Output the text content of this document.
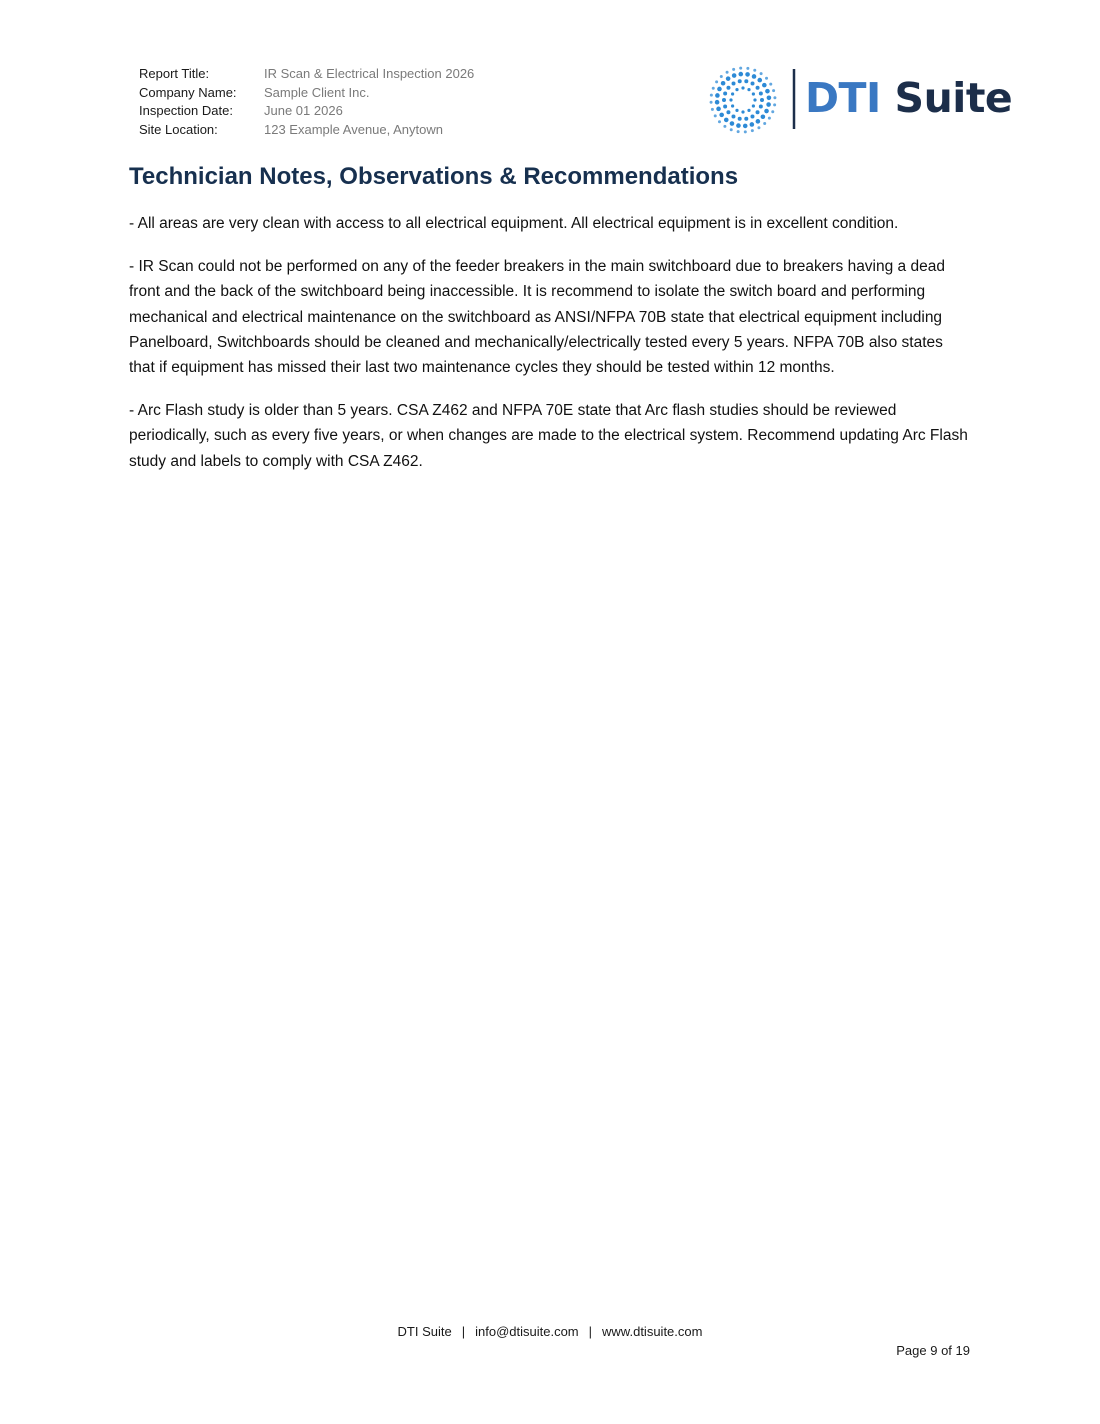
Report Title:	IR Scan & Electrical Inspection 2026
Company Name:	Sample Client Inc.
Inspection Date:	June 01 2026
Site Location:	123 Example Avenue, Anytown
DTI Suite
Technician Notes, Observations & Recommendations

- All areas are very clean with access to all electrical equipment. All electrical equipment is in excellent condition.

- IR Scan could not be performed on any of the feeder breakers in the main switchboard due to breakers having a dead front and the back of the switchboard being inaccessible. It is recommend to isolate the switch board and performing mechanical and electrical maintenance on the switchboard as ANSI/NFPA 70B state that electrical equipment including Panelboard, Switchboards should be cleaned and mechanically/electrically tested every 5 years. NFPA 70B also states that if equipment has missed their last two maintenance cycles they should be tested within 12 months.

- Arc Flash study is older than 5 years. CSA Z462 and NFPA 70E state that Arc flash studies should be reviewed periodically, such as every five years, or when changes are made to the electrical system. Recommend updating Arc Flash study and labels to comply with CSA Z462.

DTI Suite | info@dtisuite.com | www.dtisuite.com
Page 9 of 19
